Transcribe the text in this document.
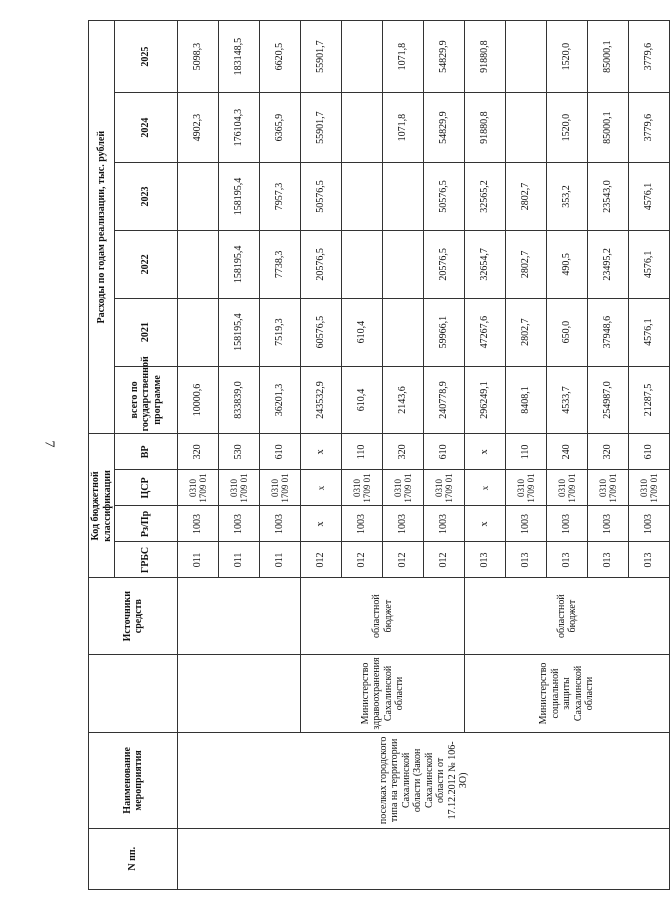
7
N пп.	Наименование мероприятия		Источники средств	Код бюджетной классификации				Расходы по годам реализации, тыс. рублей					
				ГРБС	Рз/Пр	ЦСР	ВР	всего по государственной программе	2021	2022	2023	2024	2025
	поселках городского типа на территории Сахалинской области (Закон Сахалинской области от 17.12.2012 № 106-ЗО)			011	1003	0310 1709 01	320	10000,6				4902,3	5098,3
				011	1003	0310 1709 01	530	833839,0	158195,4	158195,4	158195,4	176104,3	183148,5
				011	1003	0310 1709 01	610	36201,3	7519,3	7738,3	7957,3	6365,9	6620,5
		Министерство здравоохранения Сахалинской области	областной бюджет	012	х	х	х	243532,9	60576,5	20576,5	50576,5	55901,7	55901,7
				012	1003	0310 1709 01	110	610,4	610,4				
				012	1003	0310 1709 01	320	2143,6				1071,8	1071,8
				012	1003	0310 1709 01	610	240778,9	59966,1	20576,5	50576,5	54829,9	54829,9
		Министерство социальной защиты Сахалинской области	областной бюджет	013	х	х	х	296249,1	47267,6	32654,7	32565,2	91880,8	91880,8
				013	1003	0310 1709 01	110	8408,1	2802,7	2802,7	2802,7		
				013	1003	0310 1709 01	240	4533,7	650,0	490,5	353,2	1520,0	1520,0
				013	1003	0310 1709 01	320	254987,0	37948,6	23495,2	23543,0	85000,1	85000,1
				013	1003	0310 1709 01	610	21287,5	4576,1	4576,1	4576,1	3779,6	3779,6
